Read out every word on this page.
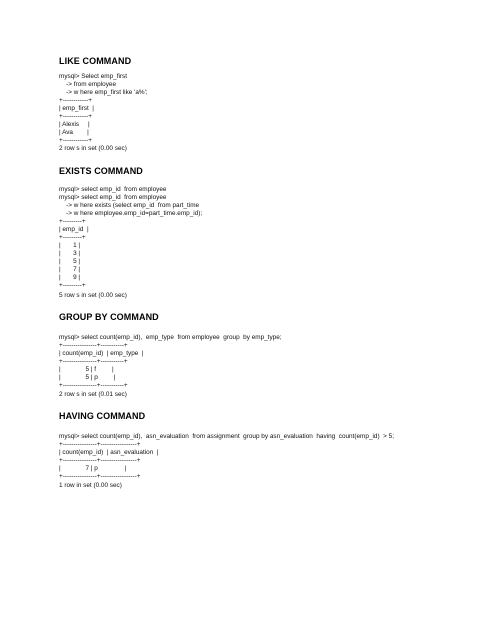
LIKE COMMAND
mysql> Select emp_first
-> from employee
-> w here emp_first like 'a%';
+------------+
| emp_first  |
+------------+
| Alexis     |
| Ava        |
+------------+
2 row s in set (0.00 sec)
EXISTS COMMAND
mysql> select emp_id  from employee
mysql> select emp_id  from employee
-> w here exists (select emp_id  from part_time
-> w here employee.emp_id=part_time.emp_id);
+---------+
| emp_id  |
+---------+
|       1 |
|       3 |
|       5 |
|       7 |
|       9 |
+---------+
5 row s in set (0.00 sec)
GROUP BY COMMAND
mysql> select count(emp_id),  emp_type  from employee  group  by emp_type;
+----------------+-----------+
| count(emp_id)  | emp_type  |
+----------------+-----------+
|              5 | f         |
|              5 | p         |
+----------------+-----------+
2 row s in set (0.01 sec)
HAVING COMMAND
mysql> select count(emp_id),  asn_evaluation  from assignment  group by asn_evaluation  having  count(emp_id)  > 5;
+----------------+-----------------+
| count(emp_id)  | asn_evaluation  |
+----------------+-----------------+
|              7 | p               |
+----------------+-----------------+
1 row in set (0.00 sec)
